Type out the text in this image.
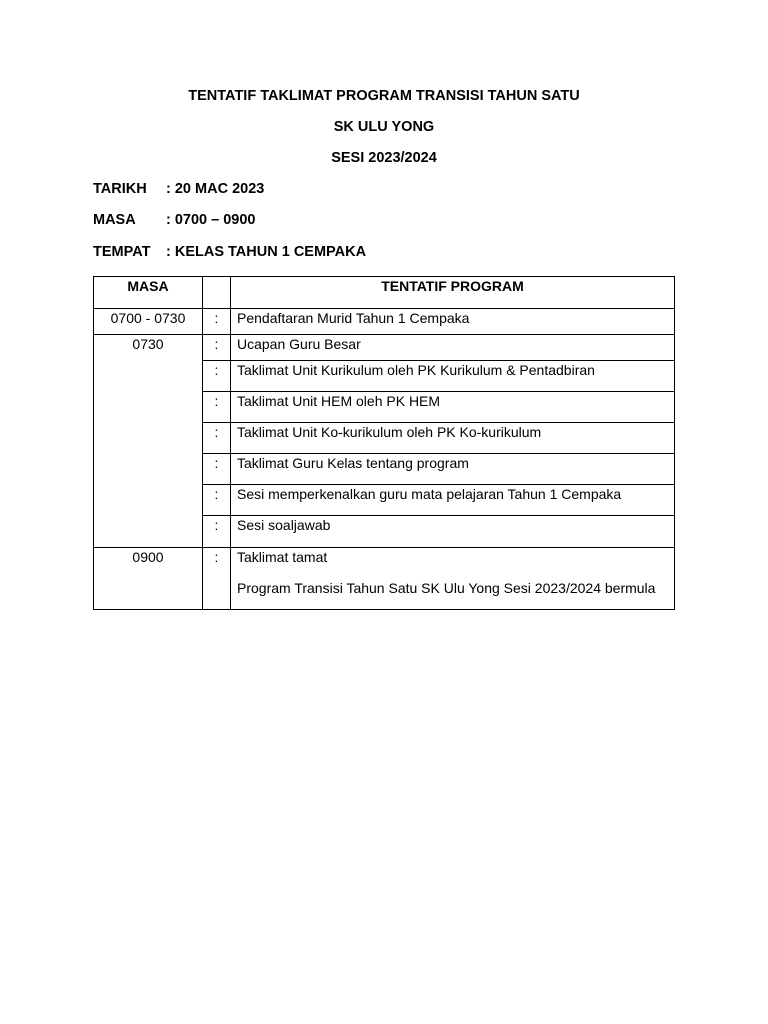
TENTATIF TAKLIMAT PROGRAM TRANSISI TAHUN SATU
SK ULU YONG
SESI 2023/2024
TARIKH : 20 MAC 2023
MASA : 0700 – 0900
TEMPAT : KELAS TAHUN 1 CEMPAKA
MASA		TENTATIF PROGRAM
0700 - 0730	:	Pendaftaran Murid Tahun 1 Cempaka
0730	:	Ucapan Guru Besar
	:	Taklimat Unit Kurikulum oleh PK Kurikulum & Pentadbiran
	:	Taklimat Unit HEM oleh PK HEM
	:	Taklimat Unit Ko-kurikulum oleh PK Ko-kurikulum
	:	Taklimat Guru Kelas tentang program
	:	Sesi memperkenalkan guru mata pelajaran Tahun 1 Cempaka
	:	Sesi soaljawab
0900	:	Taklimat tamat

Program Transisi Tahun Satu SK Ulu Yong Sesi 2023/2024 bermula
